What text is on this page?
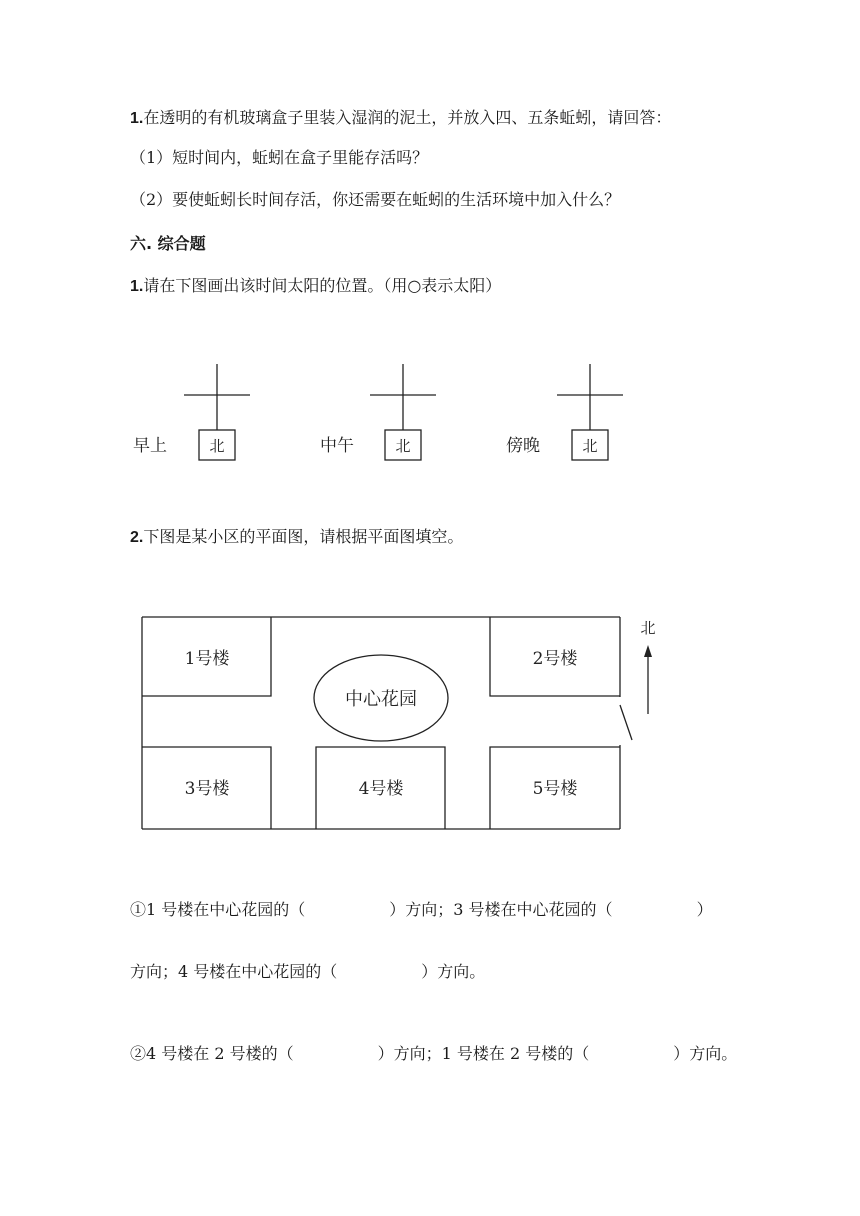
1.在透明的有机玻璃盒子里装入湿润的泥土，并放入四、五条蚯蚓，请回答：
（1）短时间内，蚯蚓在盒子里能存活吗？
（2）要使蚯蚓长时间存活，你还需要在蚯蚓的生活环境中加入什么？
六. 综合题
1.请在下图画出该时间太阳的位置。（用○表示太阳）
北
早上	北
中午	北
傍晚
北
1号楼	2号楼
3号楼	4号楼	5号楼
中心花园
2.下图是某小区的平面图，请根据平面图填空。
①1 号楼在中心花园的（	）方向；3 号楼在中心花园的（	）
方向；4 号楼在中心花园的（	）方向。
②4 号楼在 2 号楼的（	）方向；1 号楼在 2 号楼的（	）方向。
